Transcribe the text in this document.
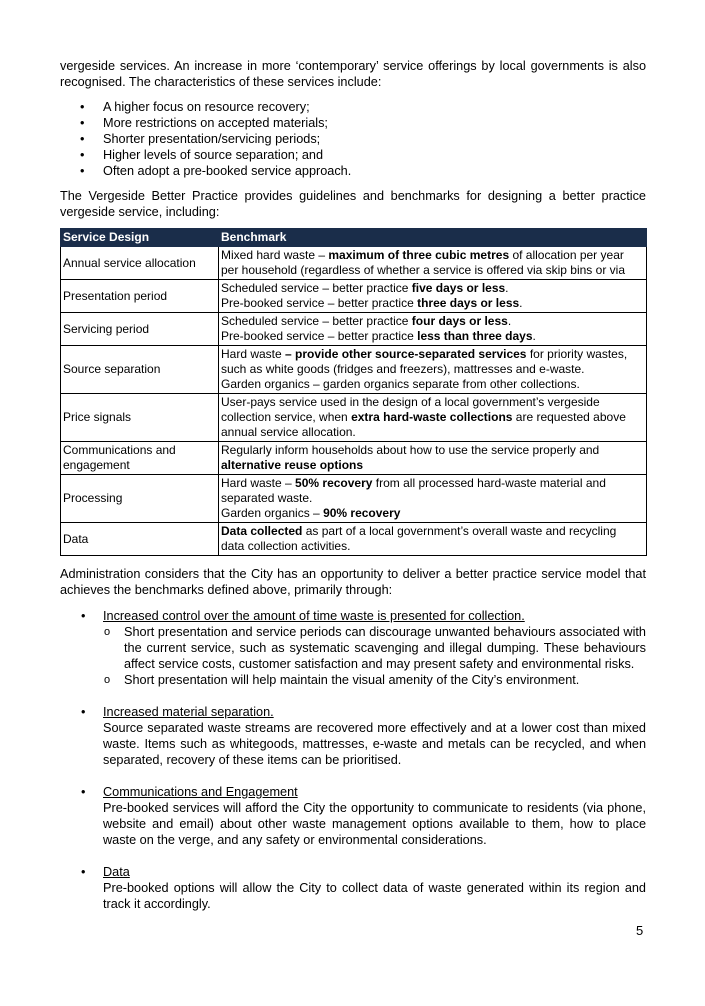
vergeside services. An increase in more ‘contemporary’ service offerings by local governments is also recognised. The characteristics of these services include:

• A higher focus on resource recovery;
• More restrictions on accepted materials;
• Shorter presentation/servicing periods;
• Higher levels of source separation; and
• Often adopt a pre-booked service approach.

The Vergeside Better Practice provides guidelines and benchmarks for designing a better practice vergeside service, including:

Service Design	Benchmark
Annual service allocation	Mixed hard waste – maximum of three cubic metres of allocation per year
per household (regardless of whether a service is offered via skip bins or via

Presentation period	Scheduled service – better practice five days or less.
Pre-booked service – better practice three days or less.

Servicing period	Scheduled service – better practice four days or less.
Pre-booked service – better practice less than three days.

Source separation	Hard waste – provide other source-separated services for priority wastes,
such as white goods (fridges and freezers), mattresses and e-waste.
Garden organics – garden organics separate from other collections.

Price signals	User-pays service used in the design of a local government’s vergeside
collection service, when extra hard-waste collections are requested above
annual service allocation.

Communications and engagement	Regularly inform households about how to use the service properly and
alternative reuse options

Processing	Hard waste – 50% recovery from all processed hard-waste material and
separated waste.
Garden organics – 90% recovery

Data	Data collected as part of a local government’s overall waste and recycling
data collection activities.

Administration considers that the City has an opportunity to deliver a better practice service model that achieves the benchmarks defined above, primarily through:

• Increased control over the amount of time waste is presented for collection.
o Short presentation and service periods can discourage unwanted behaviours associated with the current service, such as systematic scavenging and illegal dumping. These behaviours affect service costs, customer satisfaction and may present safety and environmental risks.
o Short presentation will help maintain the visual amenity of the City’s environment.
• Increased material separation.

Source separated waste streams are recovered more effectively and at a lower cost than mixed waste. Items such as whitegoods, mattresses, e-waste and metals can be recycled, and when separated, recovery of these items can be prioritised.

• Communications and Engagement

Pre-booked services will afford the City the opportunity to communicate to residents (via phone, website and email) about other waste management options available to them, how to place waste on the verge, and any safety or environmental considerations.

• Data

Pre-booked options will allow the City to collect data of waste generated within its region and track it accordingly.

5
